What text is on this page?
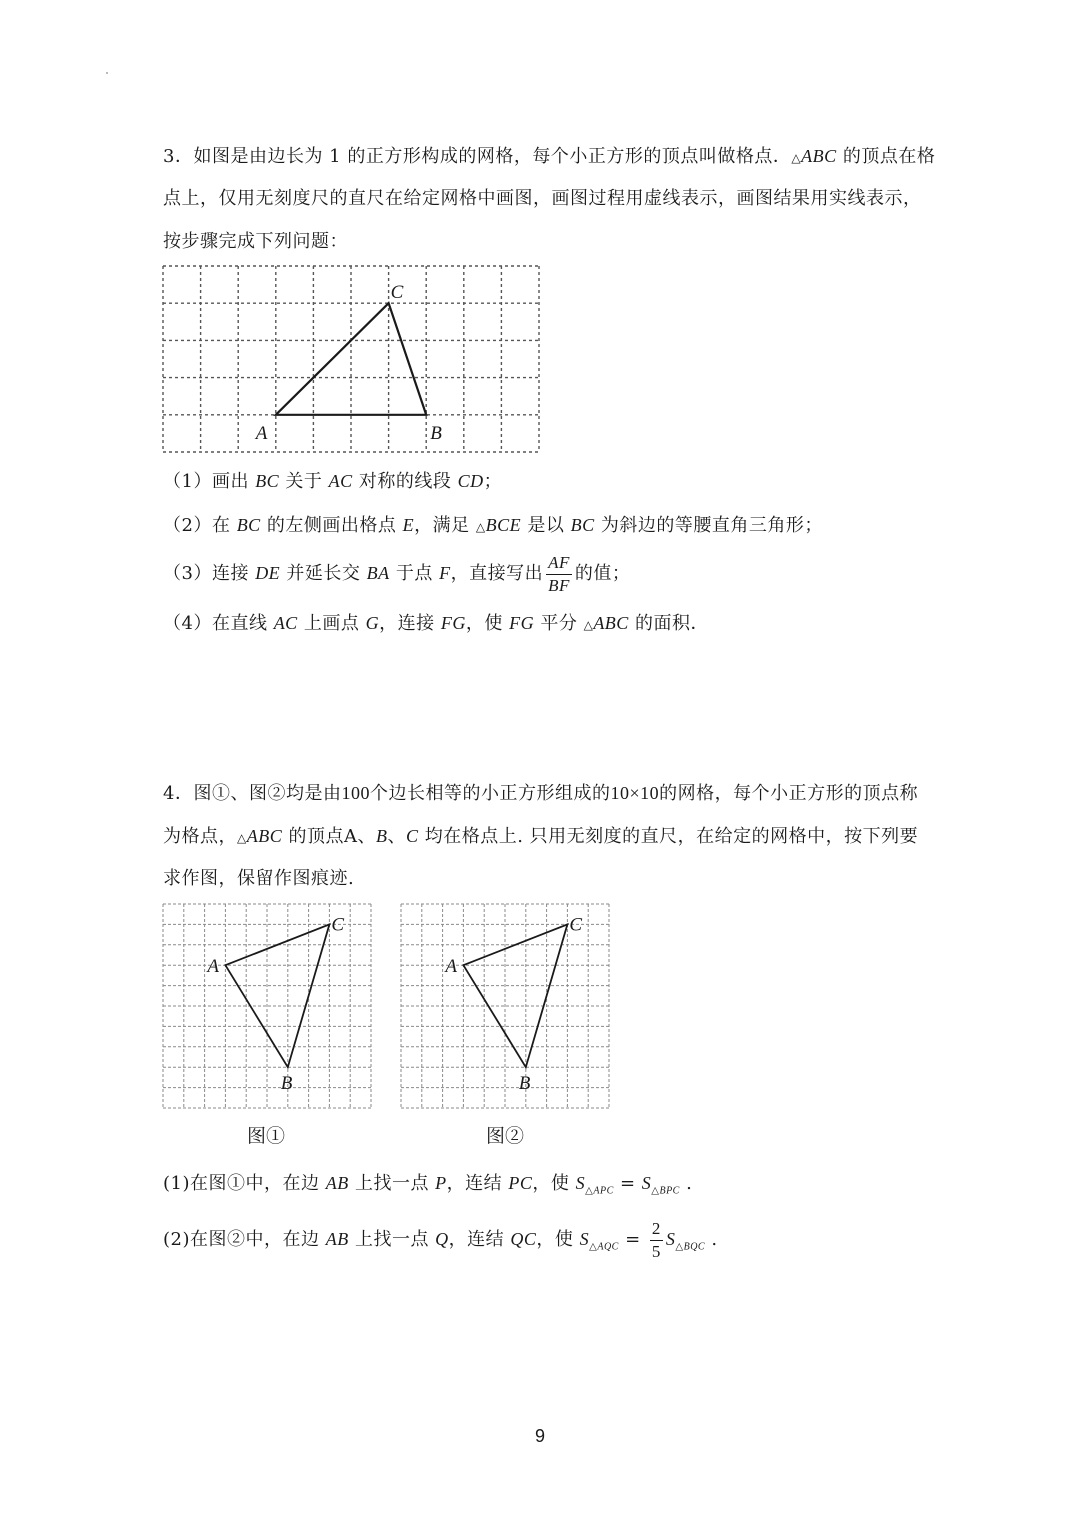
3．如图是由边长为 1 的正方形构成的网格，每个小正方形的顶点叫做格点．△ABC 的顶点在格
点上，仅用无刻度尺的直尺在给定网格中画图，画图过程用虚线表示，画图结果用实线表示，
按步骤完成下列问题：
A	B
C
（1）画出 BC 关于 AC 对称的线段 CD；
（2）在 BC 的左侧画出格点 E，满足 △BCE 是以 BC 为斜边的等腰直角三角形；
（3）连接 DE 并延长交 BA 于点 F，直接写出 $\frac{AF}{BF}$ 的值；
（4）在直线 AC 上画点 G，连接 FG，使 FG 平分 △ABC 的面积．
4．图①、图②均是由100个边长相等的小正方形组成的10×10的网格，每个小正方形的顶点称
为格点，△ABC 的顶点A、B、C 均在格点上. 只用无刻度的直尺，在给定的网格中，按下列要
求作图，保留作图痕迹.
A
B
C
A
B
C
图①	图②
(1)在图①中，在边 AB 上找一点 P，连结 PC，使 $S_{\triangle APC} = S_{\triangle BPC}$ .
(2)在图②中，在边 AB 上找一点 Q，连结 QC，使 $S_{\triangle AQC} = \frac{2}{5} S_{\triangle BQC}$ .
9
